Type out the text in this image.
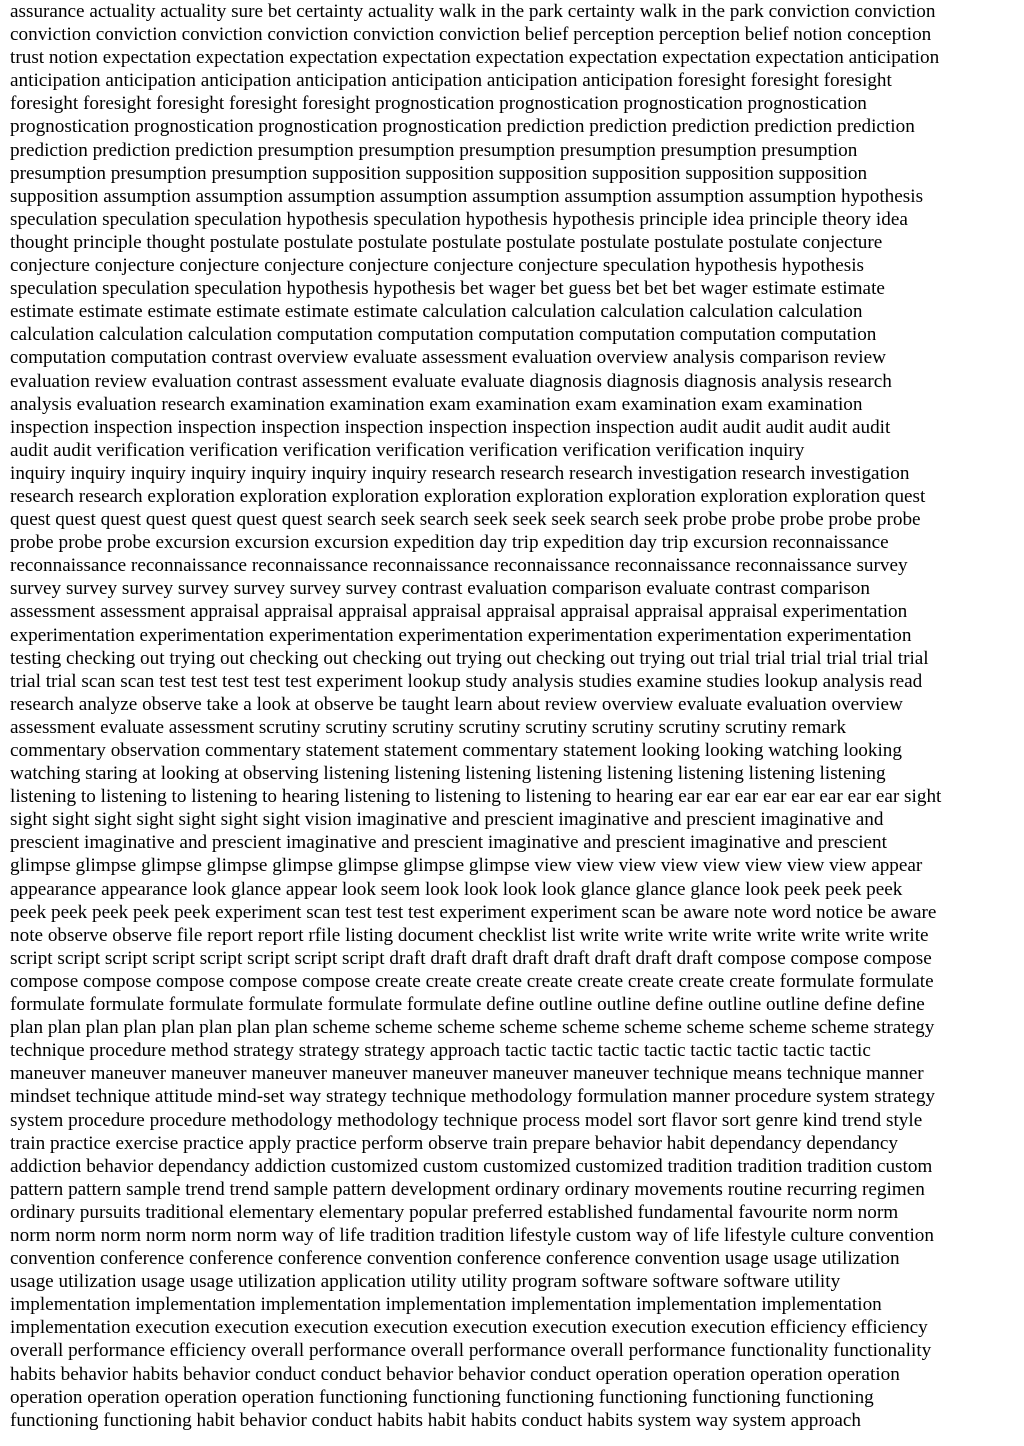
assurance actuality actuality sure bet certainty actuality walk in the park certainty walk in the park conviction conviction

conviction conviction conviction conviction conviction conviction belief perception perception belief notion conception

trust notion expectation expectation expectation expectation expectation expectation expectation expectation anticipation

anticipation anticipation anticipation anticipation anticipation anticipation anticipation foresight foresight foresight

foresight foresight foresight foresight foresight prognostication prognostication prognostication prognostication

prognostication prognostication prognostication prognostication prediction prediction prediction prediction prediction

prediction prediction prediction presumption presumption presumption presumption presumption presumption

presumption presumption presumption supposition supposition supposition supposition supposition supposition

supposition assumption assumption assumption assumption assumption assumption assumption assumption hypothesis

speculation speculation speculation hypothesis speculation hypothesis hypothesis principle idea principle theory idea

thought principle thought postulate postulate postulate postulate postulate postulate postulate postulate conjecture

conjecture conjecture conjecture conjecture conjecture conjecture conjecture speculation hypothesis hypothesis

speculation speculation speculation hypothesis hypothesis bet wager bet guess bet bet bet wager estimate estimate

estimate estimate estimate estimate estimate estimate calculation calculation calculation calculation calculation

calculation calculation calculation computation computation computation computation computation computation

computation computation contrast overview evaluate assessment evaluation overview analysis comparison review

evaluation review evaluation contrast assessment evaluate evaluate diagnosis diagnosis diagnosis analysis research

analysis evaluation research examination examination exam examination exam examination exam examination

inspection inspection inspection inspection inspection inspection inspection inspection audit audit audit audit audit

audit audit verification verification verification verification verification verification verification inquiry

inquiry inquiry inquiry inquiry inquiry inquiry inquiry research research research investigation research investigation

research research exploration exploration exploration exploration exploration exploration exploration exploration quest

quest quest quest quest quest quest quest search seek search seek seek seek search seek probe probe probe probe probe

probe probe probe excursion excursion excursion expedition day trip expedition day trip excursion reconnaissance

reconnaissance reconnaissance reconnaissance reconnaissance reconnaissance reconnaissance reconnaissance survey

survey survey survey survey survey survey survey contrast evaluation comparison evaluate contrast comparison

assessment assessment appraisal appraisal appraisal appraisal appraisal appraisal appraisal appraisal experimentation

experimentation experimentation experimentation experimentation experimentation experimentation experimentation

testing checking out trying out checking out checking out trying out checking out trying out trial trial trial trial trial trial

trial trial scan scan test test test test test experiment lookup study analysis studies examine studies lookup analysis read

research analyze observe take a look at observe be taught learn about review overview evaluate evaluation overview

assessment evaluate assessment scrutiny scrutiny scrutiny scrutiny scrutiny scrutiny scrutiny scrutiny remark

commentary observation commentary statement statement commentary statement looking looking watching looking

watching staring at looking at observing listening listening listening listening listening listening listening listening

listening to listening to listening to hearing listening to listening to listening to hearing ear ear ear ear ear ear ear ear sight

sight sight sight sight sight sight sight vision imaginative and prescient imaginative and prescient imaginative and

prescient imaginative and prescient imaginative and prescient imaginative and prescient imaginative and prescient

glimpse glimpse glimpse glimpse glimpse glimpse glimpse glimpse view view view view view view view view appear

appearance appearance look glance appear look seem look look look look glance glance glance look peek peek peek

peek peek peek peek peek experiment scan test test test experiment experiment scan be aware note word notice be aware

note observe observe file report report rfile listing document checklist list write write write write write write write write

script script script script script script script script draft draft draft draft draft draft draft draft compose compose compose

compose compose compose compose compose create create create create create create create create formulate formulate

formulate formulate formulate formulate formulate formulate define outline outline define outline outline define define

plan plan plan plan plan plan plan plan scheme scheme scheme scheme scheme scheme scheme scheme scheme strategy

technique procedure method strategy strategy strategy approach tactic tactic tactic tactic tactic tactic tactic tactic

maneuver maneuver maneuver maneuver maneuver maneuver maneuver maneuver technique means technique manner

mindset technique attitude mind-set way strategy technique methodology formulation manner procedure system strategy

system procedure procedure methodology methodology technique process model sort flavor sort genre kind trend style

train practice exercise practice apply practice perform observe train prepare behavior habit dependancy dependancy

addiction behavior dependancy addiction customized custom customized customized tradition tradition tradition custom

pattern pattern sample trend trend sample pattern development ordinary ordinary movements routine recurring regimen

ordinary pursuits traditional elementary elementary popular preferred established fundamental favourite norm norm

norm norm norm norm norm norm way of life tradition tradition lifestyle custom way of life lifestyle culture convention

convention conference conference conference convention conference conference convention usage usage utilization

usage utilization usage usage utilization application utility utility program software software software utility

implementation implementation implementation implementation implementation implementation implementation

implementation execution execution execution execution execution execution execution execution efficiency efficiency

overall performance efficiency overall performance overall performance overall performance functionality functionality

habits behavior habits behavior conduct conduct behavior behavior conduct operation operation operation operation

operation operation operation operation functioning functioning functioning functioning functioning functioning

functioning functioning habit behavior conduct habits habit habits conduct habits system way system approach
